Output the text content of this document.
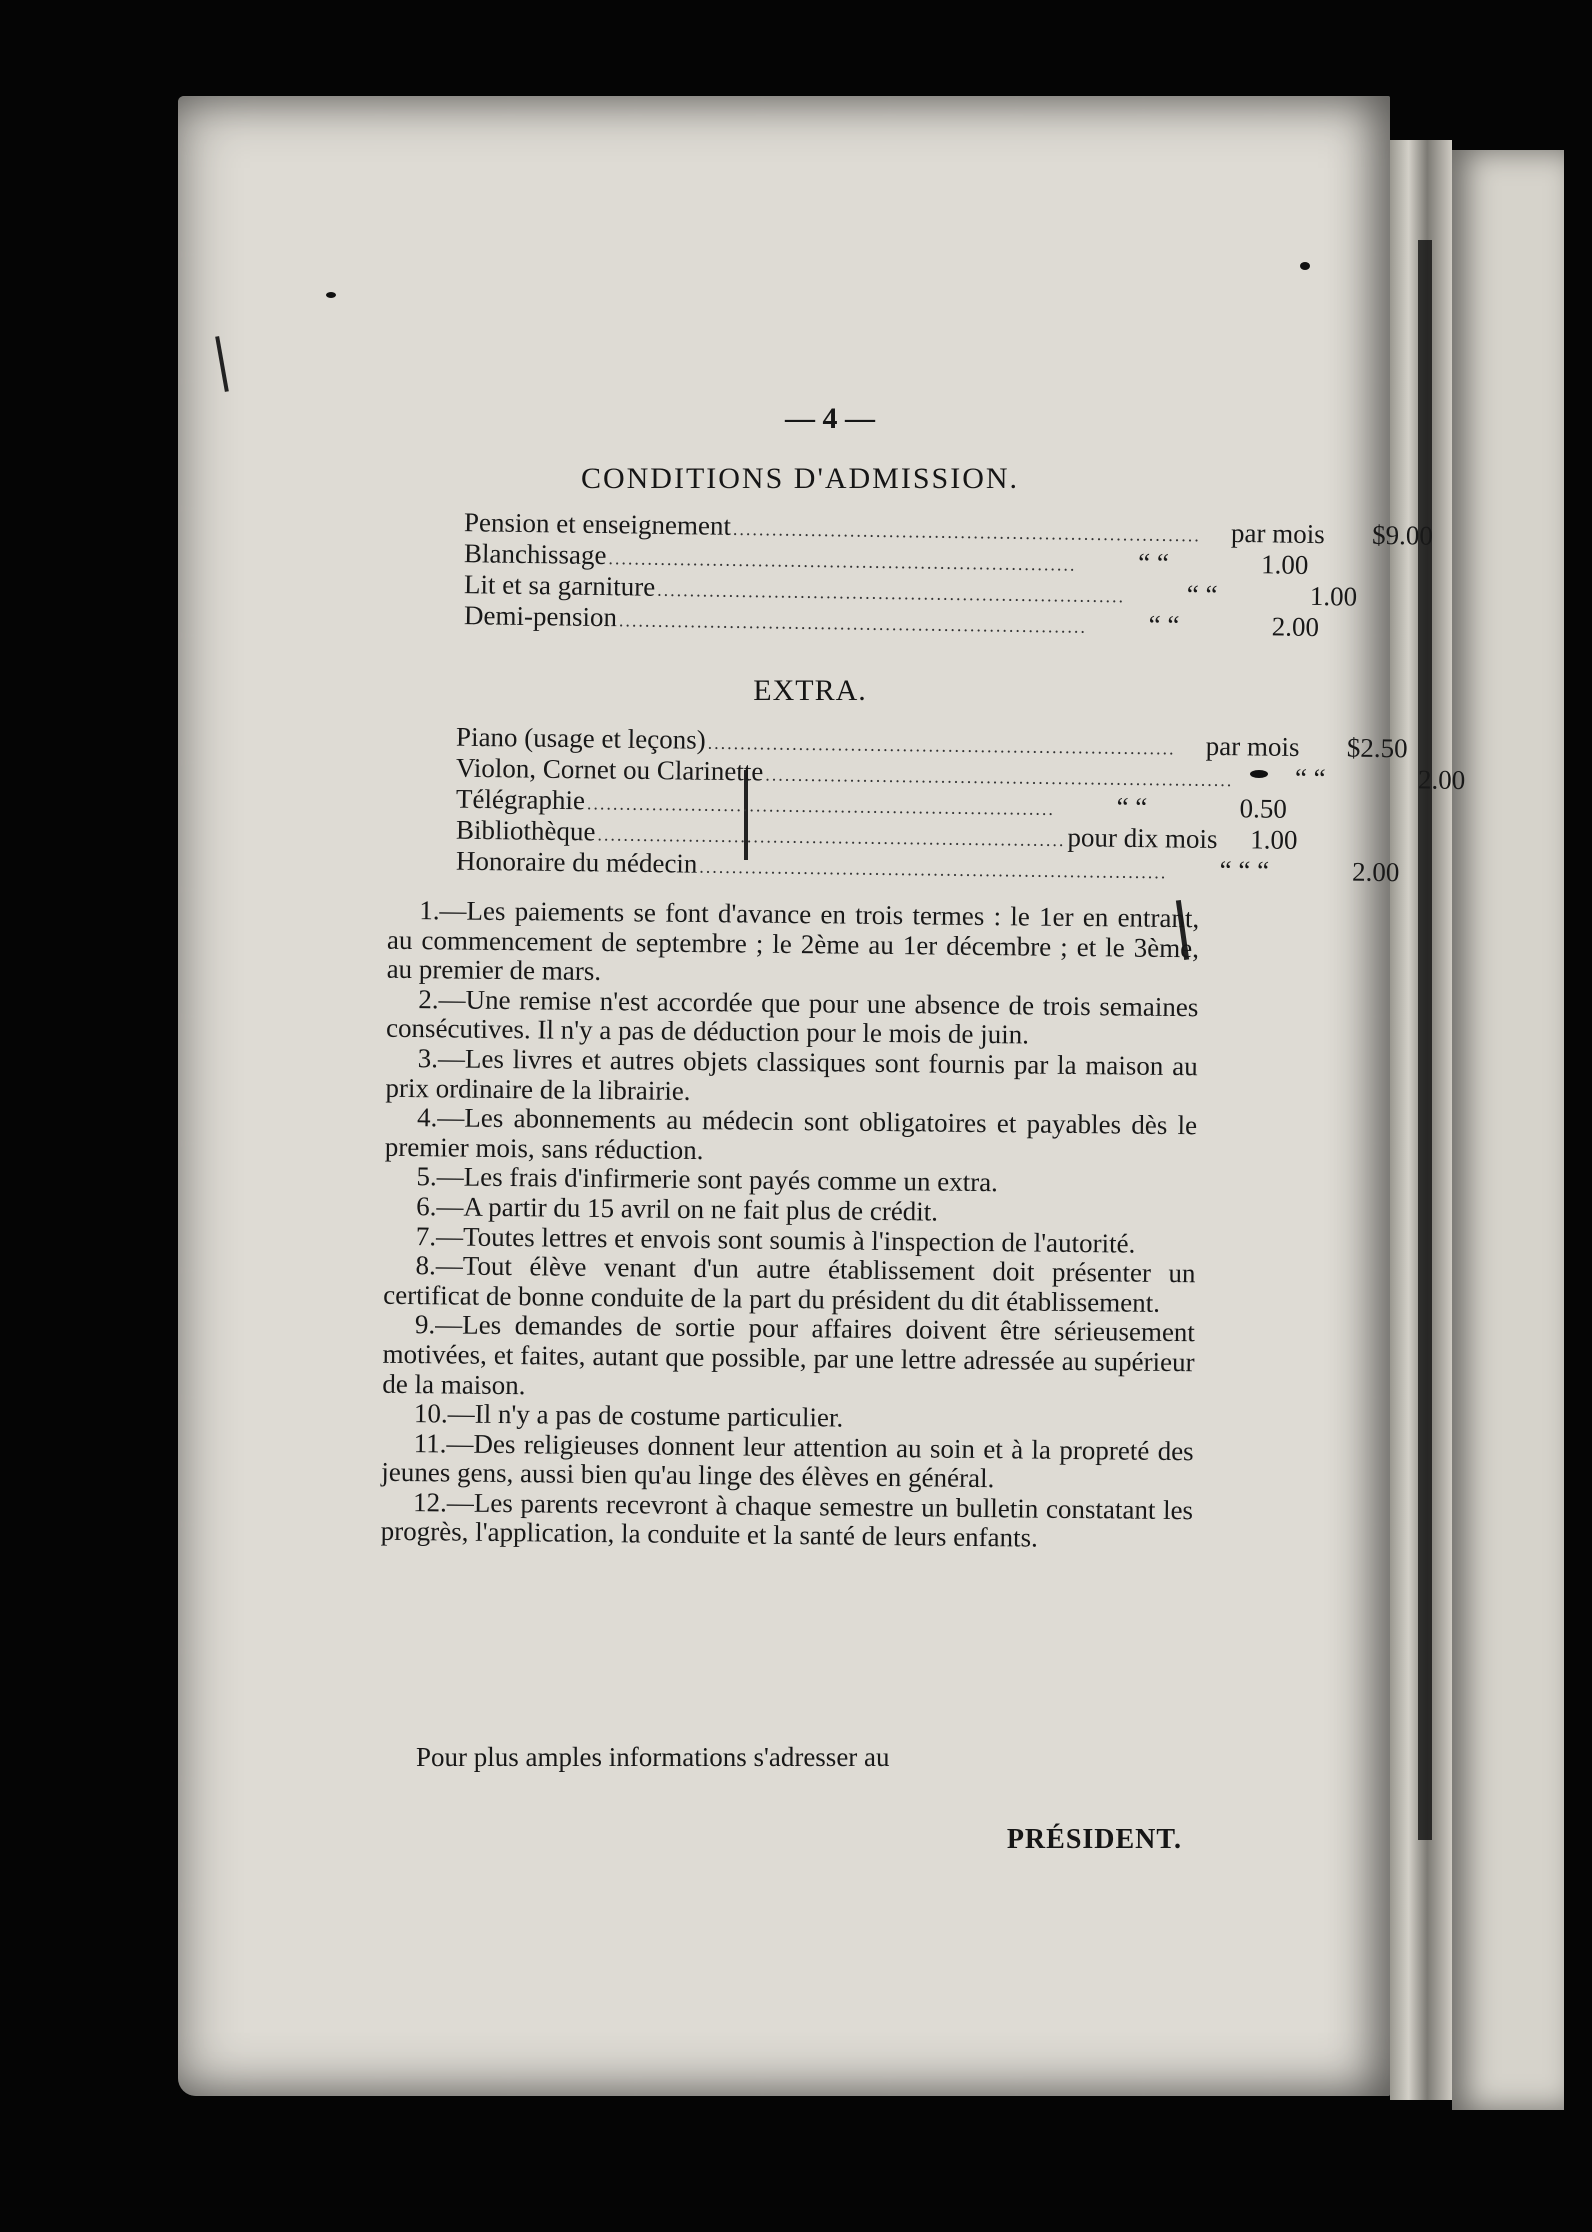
— 4 —
CONDITIONS D'ADMISSION.
Pension et enseignement ........................................................................	par mois	$9.00
Blanchissage ........................................................................	“ “	1.00
Lit et sa garniture ........................................................................	“ “	1.00
Demi-pension ........................................................................	“ “	2.00
EXTRA.
Piano (usage et leçons) ........................................................................	par mois	$2.50
Violon, Cornet ou Clarinette ........................................................................	“ “	2.00
Télégraphie ........................................................................	“ “	0.50
Bibliothèque ........................................................................ pour dix mois	1.00
Honoraire du médecin ........................................................................	“ “ “	2.00

1.—Les paiements se font d'avance en trois termes : le 1er en entrant, au commencement de septembre ; le 2ème au 1er décembre ; et le 3ème, au premier de mars.

2.—Une remise n'est accordée que pour une absence de trois semaines consécutives. Il n'y a pas de déduction pour le mois de juin.

3.—Les livres et autres objets classiques sont fournis par la maison au prix ordinaire de la librairie.

4.—Les abonnements au médecin sont obligatoires et payables dès le premier mois, sans réduction.

5.—Les frais d'infirmerie sont payés comme un extra.

6.—A partir du 15 avril on ne fait plus de crédit.

7.—Toutes lettres et envois sont soumis à l'inspection de l'autorité.

8.—Tout élève venant d'un autre établissement doit présenter un certificat de bonne conduite de la part du président du dit établissement.

9.—Les demandes de sortie pour affaires doivent être sérieusement motivées, et faites, autant que possible, par une lettre adressée au supérieur de la maison.

10.—Il n'y a pas de costume particulier.

11.—Des religieuses donnent leur attention au soin et à la propreté des jeunes gens, aussi bien qu'au linge des élèves en général.

12.—Les parents recevront à chaque semestre un bulletin constatant les progrès, l'application, la conduite et la santé de leurs enfants.

Pour plus amples informations s'adresser au
PRÉSIDENT.
